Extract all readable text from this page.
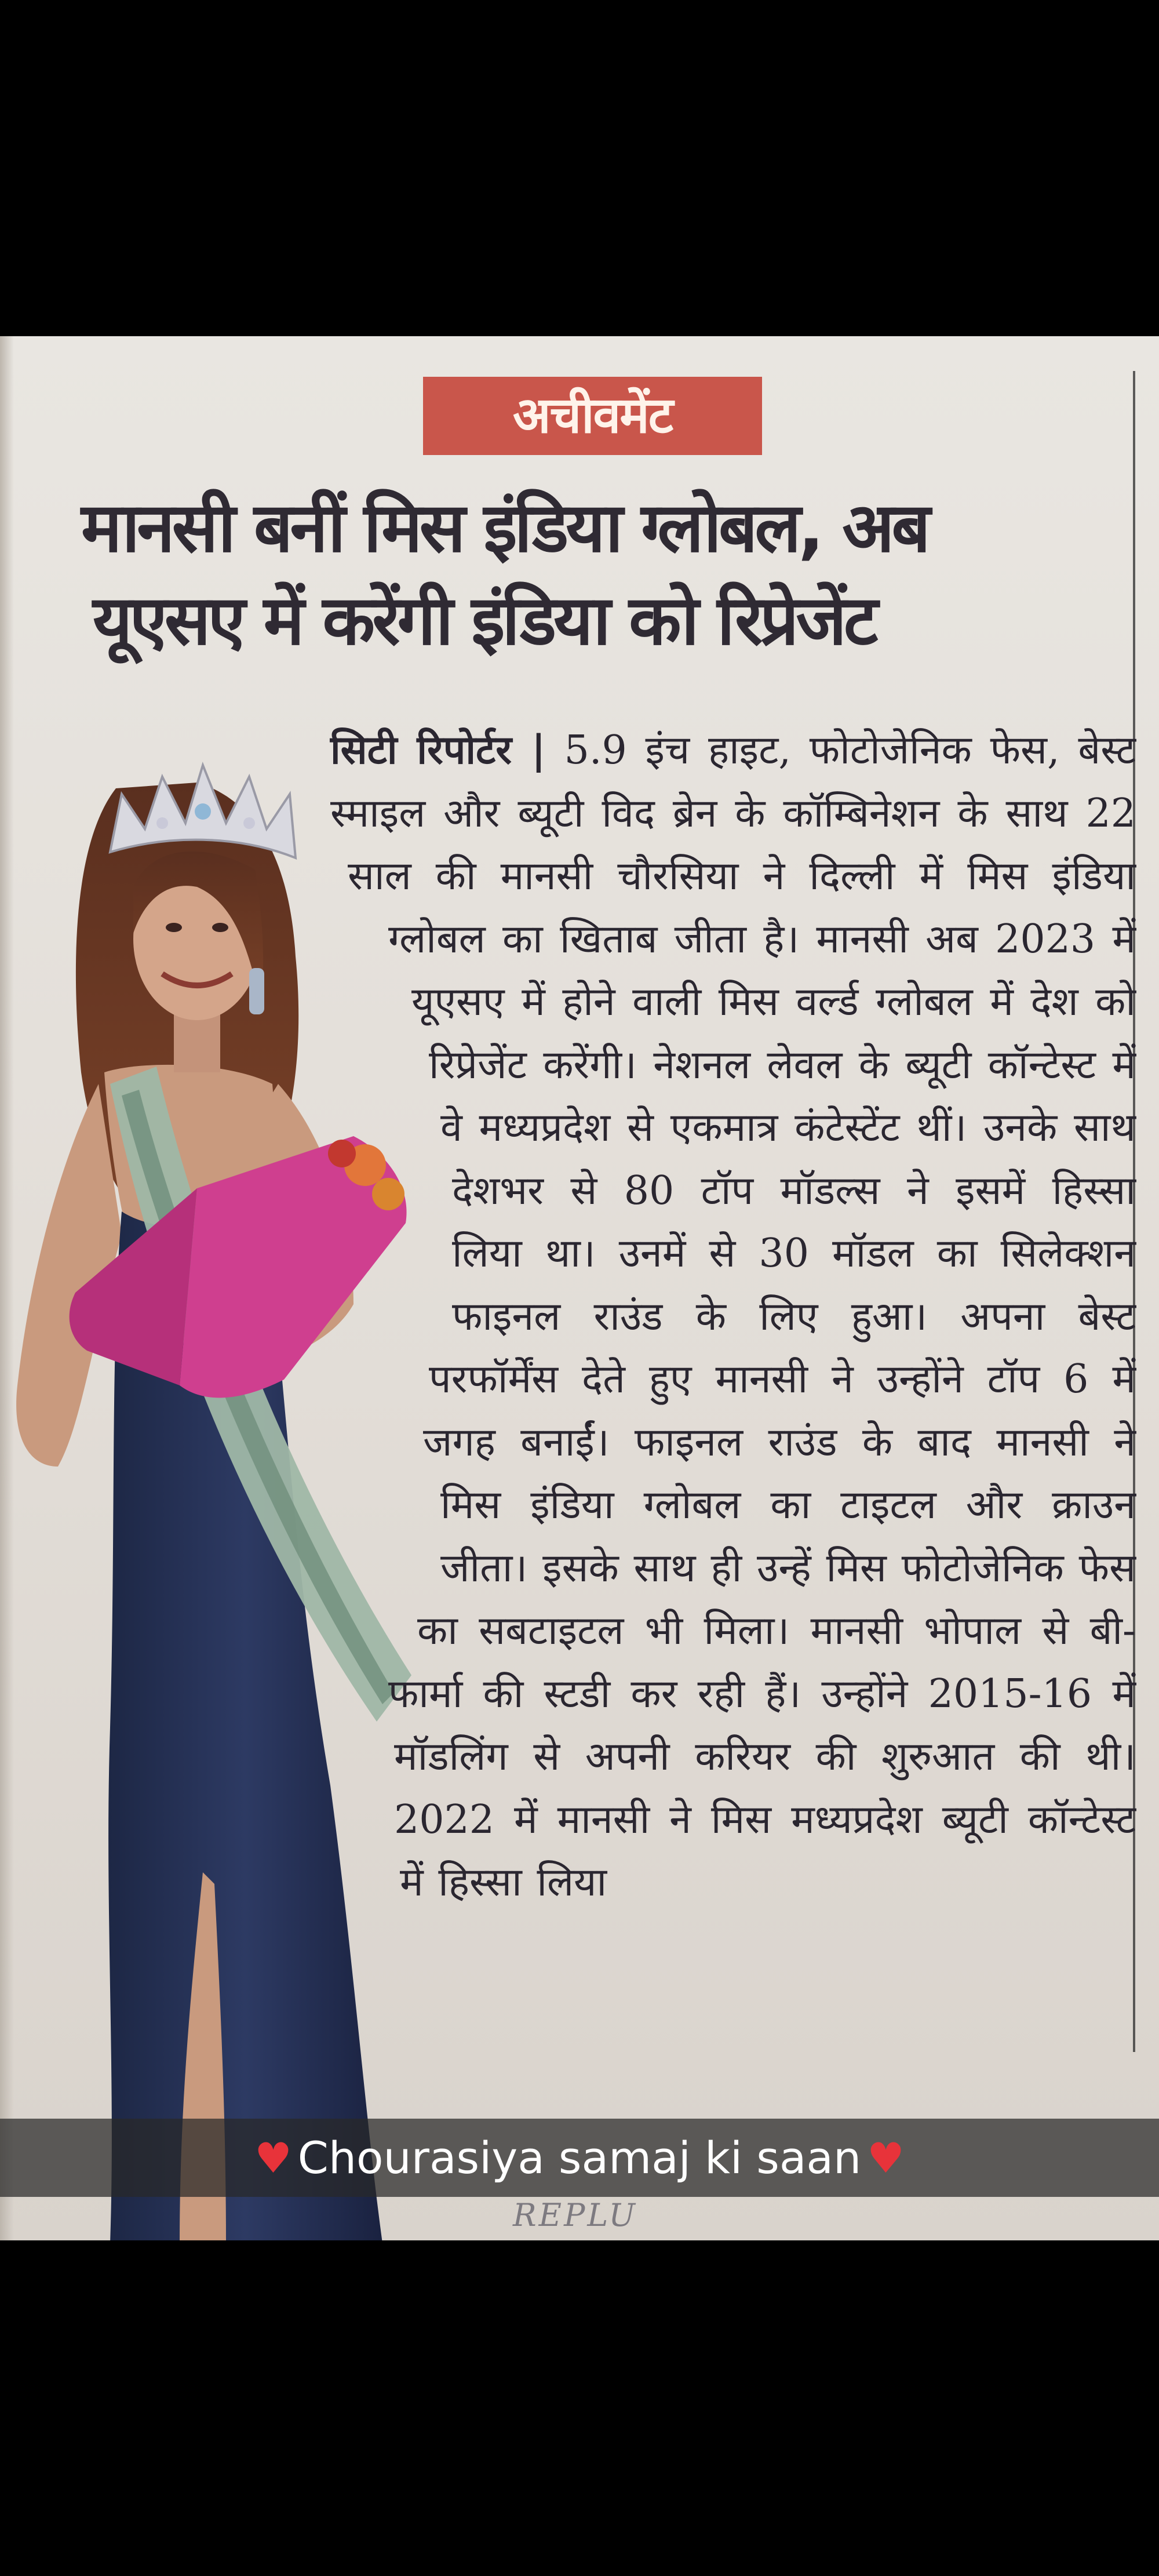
अचीवमेंट
मानसी बनीं मिस इंडिया ग्लोबल, अब
यूएसए में करेंगी इंडिया को रिप्रेजेंट

सिटी रिपोर्टर | 5.9 इंच हाइट, फोटोजेनिक फेस, बेस्ट स्माइल और ब्यूटी विद ब्रेन के कॉम्बिनेशन के साथ 22 साल की मानसी चौरसिया ने दिल्ली में मिस इंडिया ग्लोबल का खिताब जीता है। मानसी अब 2023 में यूएसए में होने वाली मिस वर्ल्ड ग्लोबल में देश को रिप्रेजेंट करेंगी। नेशनल लेवल के ब्यूटी कॉन्टेस्ट में वे मध्यप्रदेश से एकमात्र कंटेस्टेंट थीं। उनके साथ देशभर से 80 टॉप मॉडल्स ने इसमें हिस्सा लिया था। उनमें से 30 मॉडल का सिलेक्शन फाइनल राउंड के लिए हुआ। अपना बेस्ट परफॉर्मेंस देते हुए मानसी ने उन्होंने टॉप 6 में जगह बनाईं। फाइनल राउंड के बाद मानसी ने मिस इंडिया ग्लोबल का टाइटल और क्राउन जीता। इसके साथ ही उन्हें मिस फोटोजेनिक फेस का सबटाइटल भी मिला। मानसी भोपाल से बी-फार्मा की स्टडी कर रही हैं। उन्होंने 2015-16 में मॉडलिंग से अपनी करियर की शुरुआत की थी। 2022 में मानसी ने मिस मध्यप्रदेश ब्यूटी कॉन्टेस्ट में हिस्सा लिया

REPLU
♥ Chourasiya samaj ki saan ♥
